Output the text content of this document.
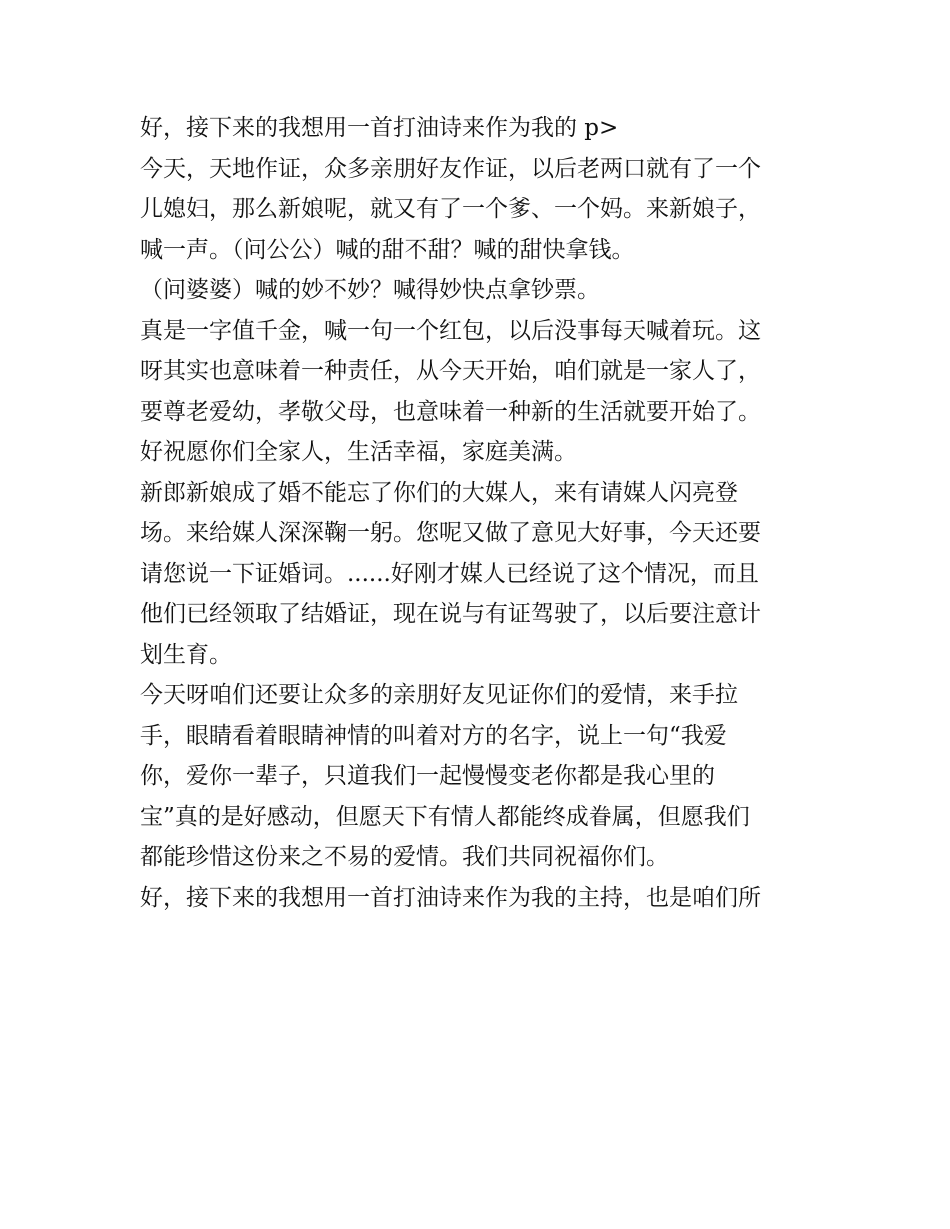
好，接下来的我想用一首打油诗来作为我的 p>
今天，天地作证，众多亲朋好友作证，以后老两口就有了一个
儿媳妇，那么新娘呢，就又有了一个爹、一个妈。来新娘子，
喊一声。（问公公）喊的甜不甜？喊的甜快拿钱。
（问婆婆）喊的妙不妙？喊得妙快点拿钞票。
真是一字值千金，喊一句一个红包，以后没事每天喊着玩。这
呀其实也意味着一种责任，从今天开始，咱们就是一家人了，
要尊老爱幼，孝敬父母，也意味着一种新的生活就要开始了。
好祝愿你们全家人，生活幸福，家庭美满。
新郎新娘成了婚不能忘了你们的大媒人，来有请媒人闪亮登
场。来给媒人深深鞠一躬。您呢又做了意见大好事，今天还要
请您说一下证婚词。......好刚才媒人已经说了这个情况，而且
他们已经领取了结婚证，现在说与有证驾驶了，以后要注意计
划生育。
今天呀咱们还要让众多的亲朋好友见证你们的爱情，来手拉
手，眼睛看着眼睛神情的叫着对方的名字，说上一句“我爱
你，爱你一辈子，只道我们一起慢慢变老你都是我心里的
宝”真的是好感动，但愿天下有情人都能终成眷属，但愿我们
都能珍惜这份来之不易的爱情。我们共同祝福你们。
好，接下来的我想用一首打油诗来作为我的主持，也是咱们所
